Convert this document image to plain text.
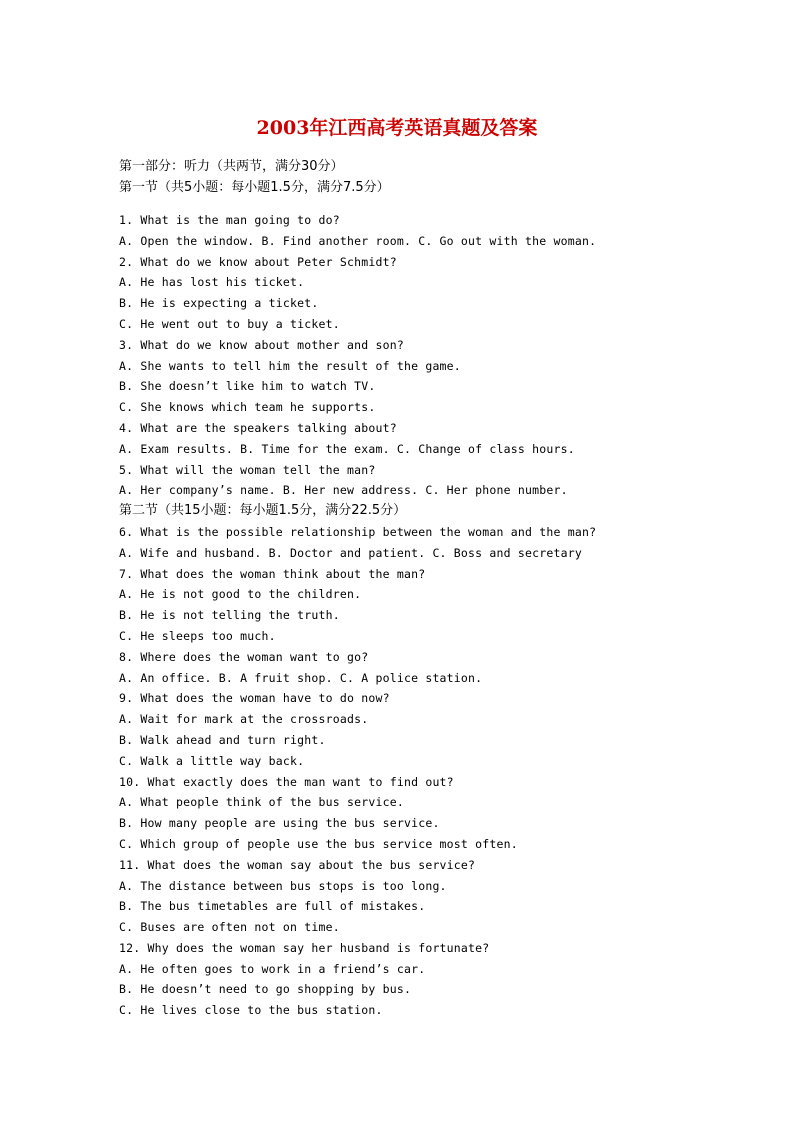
2003年江西高考英语真题及答案
第一部分：听力（共两节，满分30分）
第一节（共5小题：每小题1.5分，满分7.5分）
1. What is the man going to do?
A. Open the window. B. Find another room. C. Go out with the woman.
2. What do we know about Peter Schmidt?
A. He has lost his ticket.
B. He is expecting a ticket.
C. He went out to buy a ticket.
3. What do we know about mother and son?
A. She wants to tell him the result of the game.
B. She doesn’t like him to watch TV.
C. She knows which team he supports.
4. What are the speakers talking about?
A. Exam results. B. Time for the exam. C. Change of class hours.
5. What will the woman tell the man?
A. Her company’s name. B. Her new address. C. Her phone number.
第二节（共15小题：每小题1.5分，满分22.5分）
6. What is the possible relationship between the woman and the man?
A. Wife and husband. B. Doctor and patient. C. Boss and secretary
7. What does the woman think about the man?
A. He is not good to the children.
B. He is not telling the truth.
C. He sleeps too much.
8. Where does the woman want to go?
A. An office. B. A fruit shop. C. A police station.
9. What does the woman have to do now?
A. Wait for mark at the crossroads.
B. Walk ahead and turn right.
C. Walk a little way back.
10. What exactly does the man want to find out?
A. What people think of the bus service.
B. How many people are using the bus service.
C. Which group of people use the bus service most often.
11. What does the woman say about the bus service?
A. The distance between bus stops is too long.
B. The bus timetables are full of mistakes.
C. Buses are often not on time.
12. Why does the woman say her husband is fortunate?
A. He often goes to work in a friend’s car.
B. He doesn’t need to go shopping by bus.
C. He lives close to the bus station.
